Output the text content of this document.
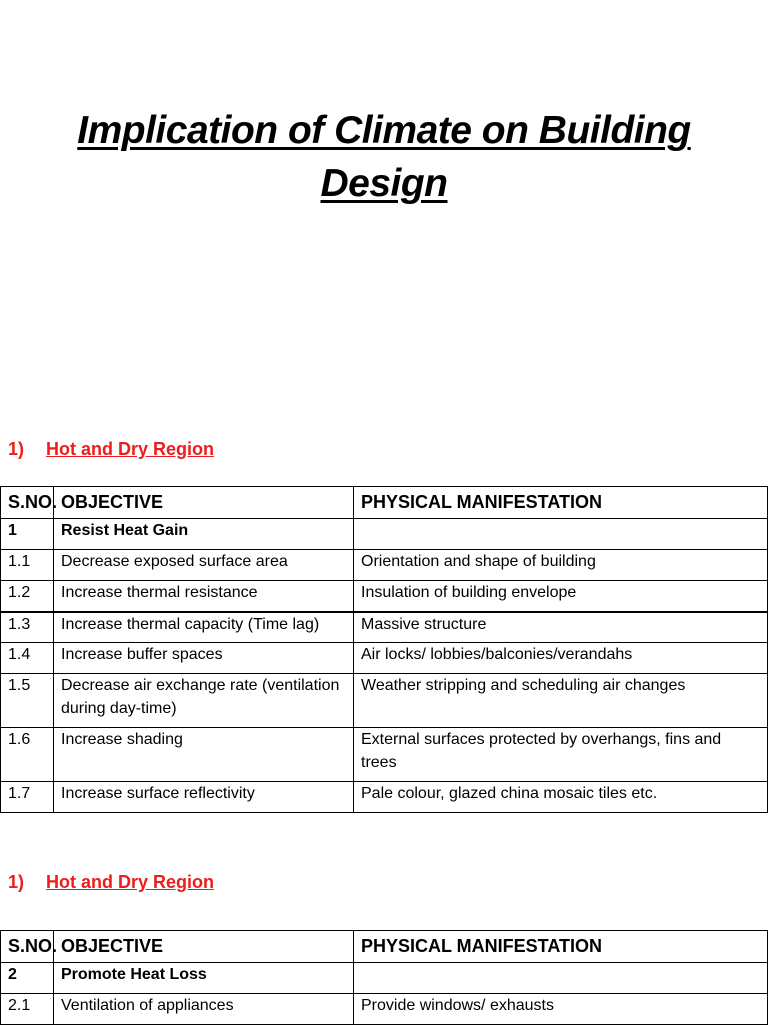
Implication of Climate on Building
Design
1) Hot and Dry Region
S.NO.	OBJECTIVE	PHYSICAL MANIFESTATION
1	Resist Heat Gain	
1.1	Decrease exposed surface area	Orientation and shape of building
1.2	Increase thermal resistance	Insulation of building envelope
1.3	Increase thermal capacity (Time lag)	Massive structure
1.4	Increase buffer spaces	Air locks/ lobbies/balconies/verandahs
1.5	Decrease air exchange rate (ventilation during day-time)	Weather stripping and scheduling air changes
1.6	Increase shading	External surfaces protected by overhangs, fins and trees
1.7	Increase surface reflectivity	Pale colour, glazed china mosaic tiles etc.
1) Hot and Dry Region
S.NO.	OBJECTIVE	PHYSICAL MANIFESTATION
2	Promote Heat Loss	
2.1	Ventilation of appliances	Provide windows/ exhausts
